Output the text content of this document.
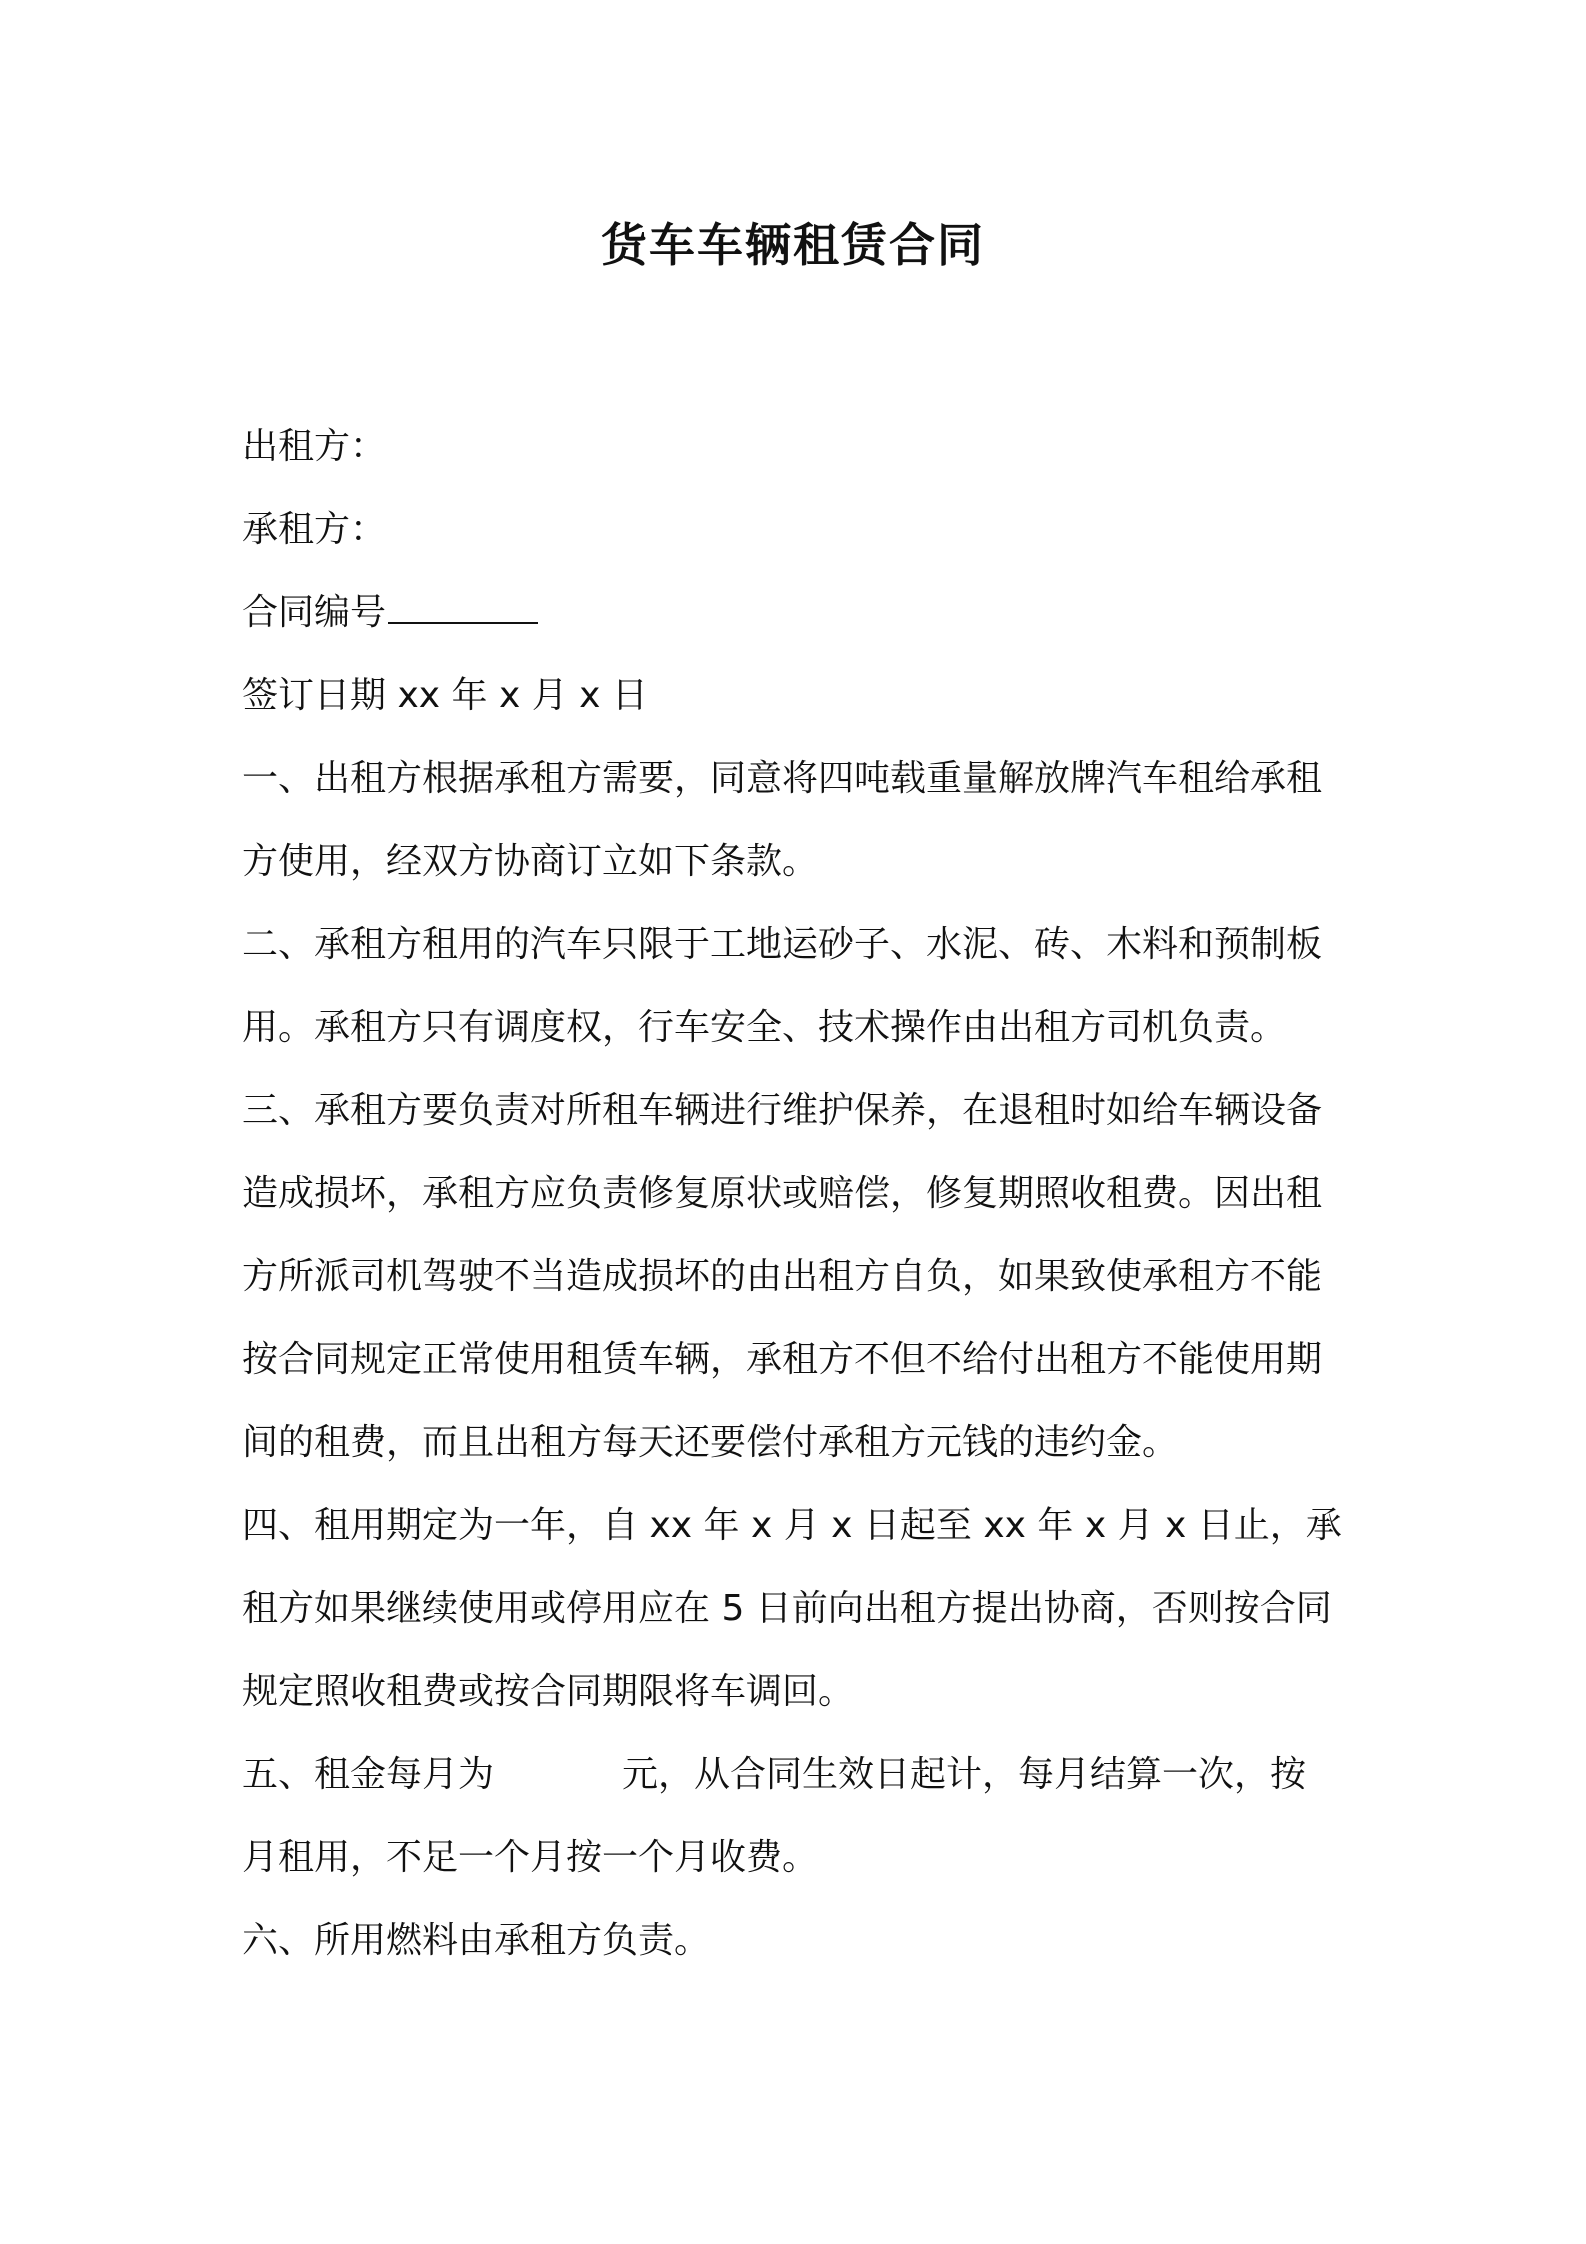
货车车辆租赁合同
出租方：
承租方：
合同编号
签订日期 xx 年 x 月 x 日
一、出租方根据承租方需要，同意将四吨载重量解放牌汽车租给承租
方使用，经双方协商订立如下条款。
二、承租方租用的汽车只限于工地运砂子、水泥、砖、木料和预制板
用。承租方只有调度权，行车安全、技术操作由出租方司机负责。
三、承租方要负责对所租车辆进行维护保养，在退租时如给车辆设备
造成损坏，承租方应负责修复原状或赔偿，修复期照收租费。因出租
方所派司机驾驶不当造成损坏的由出租方自负，如果致使承租方不能
按合同规定正常使用租赁车辆，承租方不但不给付出租方不能使用期
间的租费，而且出租方每天还要偿付承租方元钱的违约金。
四、租用期定为一年，自 xx 年 x 月 x 日起至 xx 年 x 月 x 日止，承
租方如果继续使用或停用应在 5 日前向出租方提出协商，否则按合同
规定照收租费或按合同期限将车调回。
五、租金每月为	元，从合同生效日起计，每月结算一次，按
月租用，不足一个月按一个月收费。
六、所用燃料由承租方负责。
